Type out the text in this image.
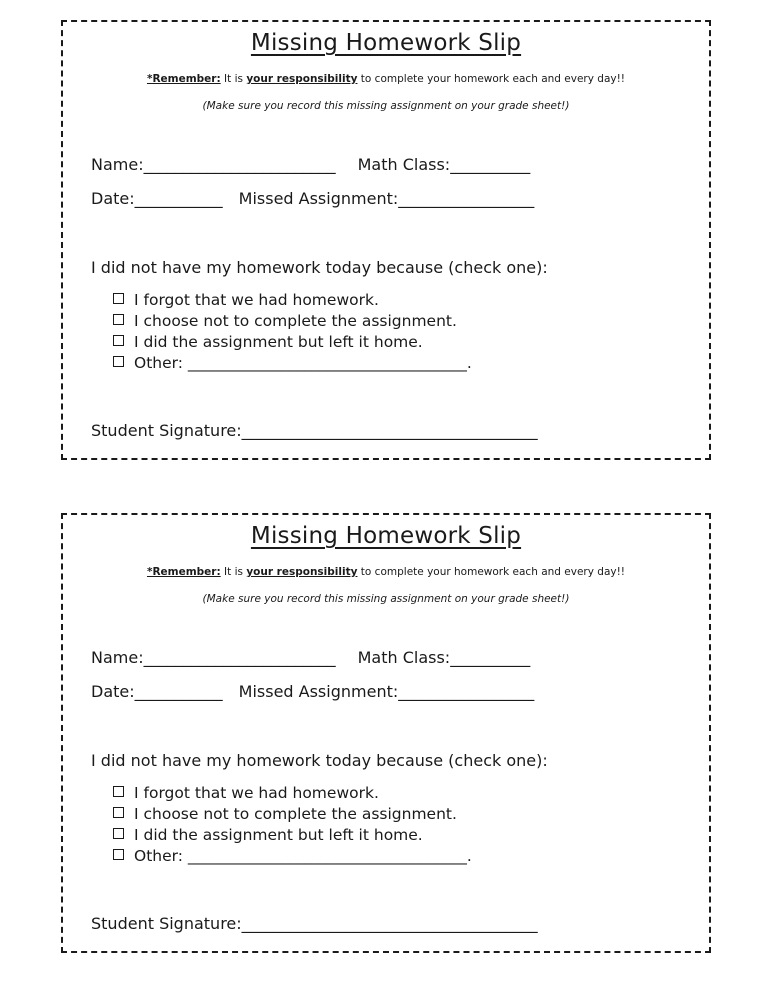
Missing Homework Slip
*Remember: It is your responsibility to complete your homework each and every day!!
(Make sure you record this missing assignment on your grade sheet!)
Name:________________________ Math Class:__________
Date:___________ Missed Assignment:_________________
I did not have my homework today because (check one):
I forgot that we had homework.
I choose not to complete the assignment.
I did the assignment but left it home.
Other: ____________________________________.
Student Signature:_____________________________________
Missing Homework Slip
*Remember: It is your responsibility to complete your homework each and every day!!
(Make sure you record this missing assignment on your grade sheet!)
Name:________________________ Math Class:__________
Date:___________ Missed Assignment:_________________
I did not have my homework today because (check one):
I forgot that we had homework.
I choose not to complete the assignment.
I did the assignment but left it home.
Other: ____________________________________.
Student Signature:_____________________________________
